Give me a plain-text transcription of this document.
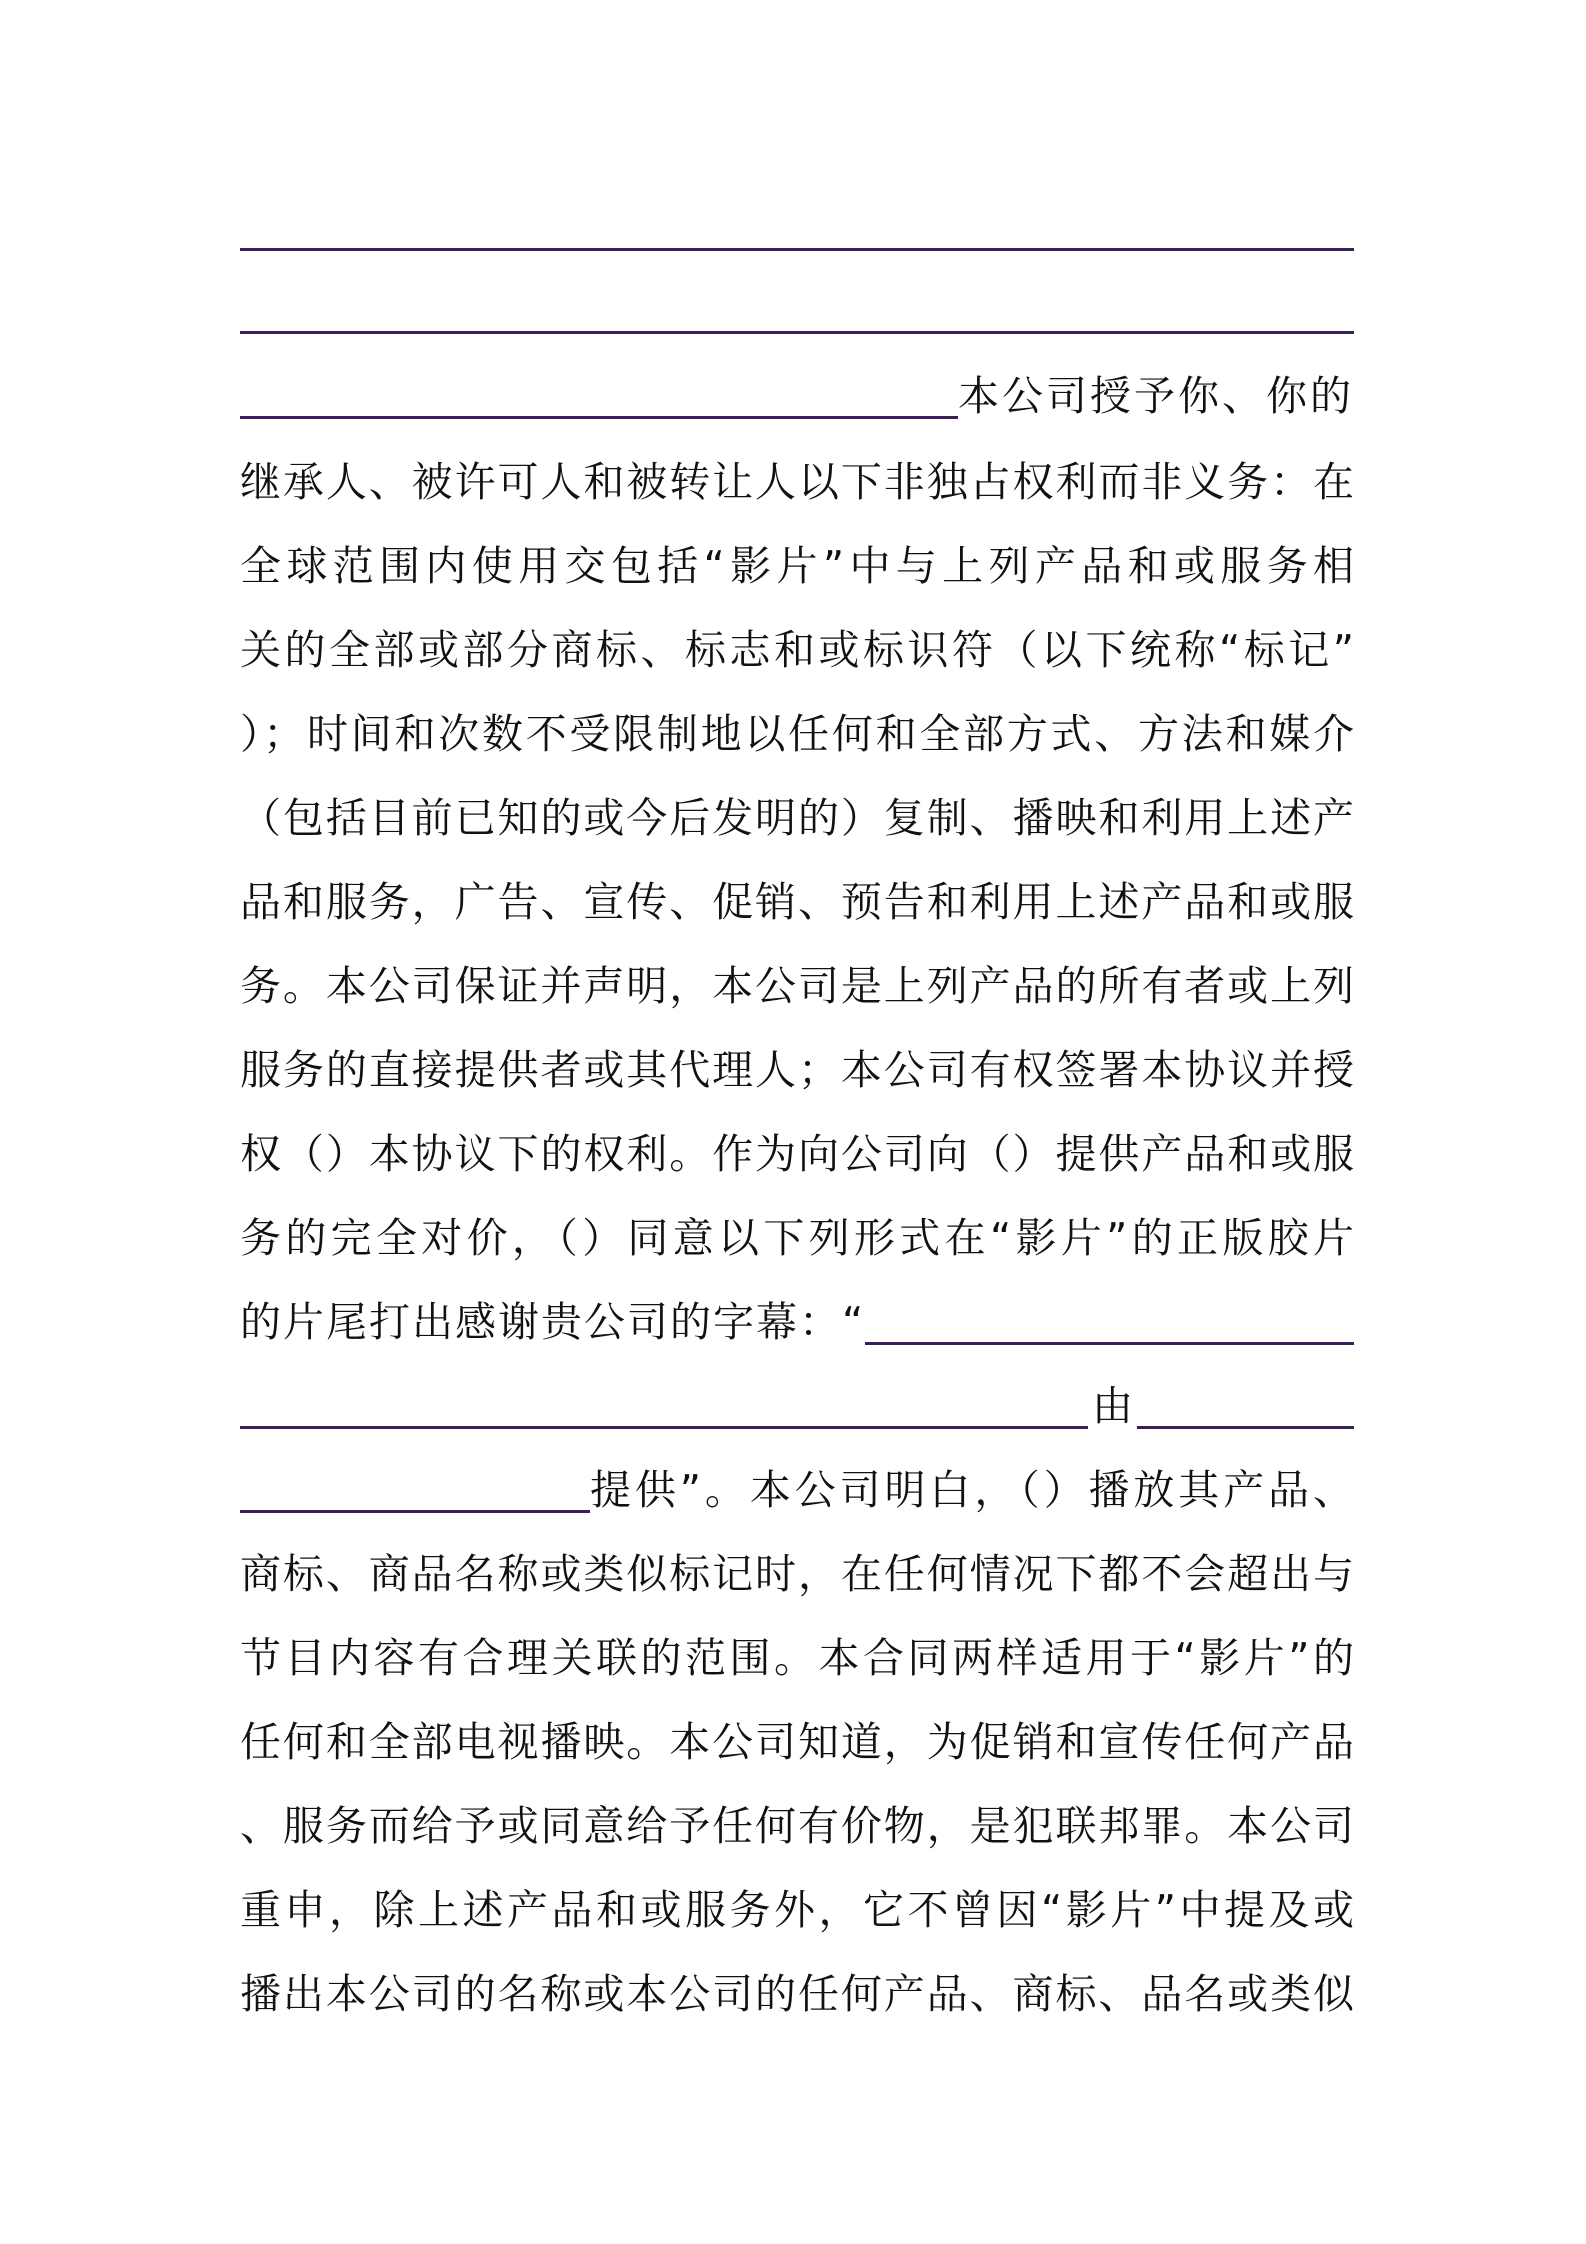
本公司授予你、你的
继承人、被许可人和被转让人以下非独占权利而非义务：在
全球范围内使用交包括“影片”中与上列产品和或服务相
关的全部或部分商标、标志和或标识符（以下统称“标记”
）；时间和次数不受限制地以任何和全部方式、方法和媒介
（包括目前已知的或今后发明的）复制、播映和利用上述产
品和服务，广告、宣传、促销、预告和利用上述产品和或服
务。本公司保证并声明，本公司是上列产品的所有者或上列
服务的直接提供者或其代理人；本公司有权签署本协议并授
权（）本协议下的权利。作为向公司向（）提供产品和或服
务的完全对价，（）同意以下列形式在“影片”的正版胶片
的片尾打出感谢贵公司的字幕：“
由
提供”。本公司明白，（）播放其产品、
商标、商品名称或类似标记时，在任何情况下都不会超出与
节目内容有合理关联的范围。本合同两样适用于“影片”的
任何和全部电视播映。本公司知道，为促销和宣传任何产品
、服务而给予或同意给予任何有价物，是犯联邦罪。本公司
重申，除上述产品和或服务外，它不曾因“影片”中提及或
播出本公司的名称或本公司的任何产品、商标、品名或类似
